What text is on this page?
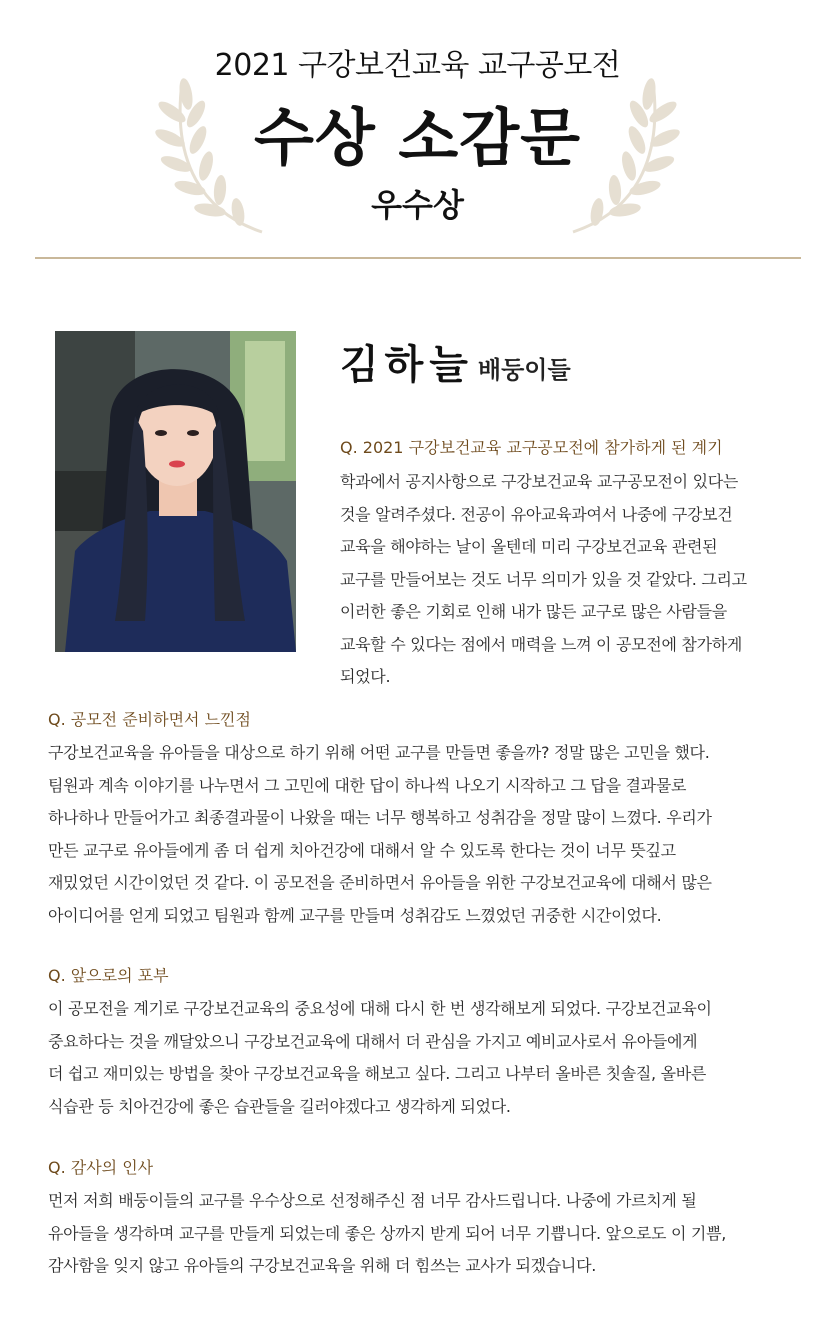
2021 구강보건교육 교구공모전
수상 소감문
우수상
김하늘 배둥이들
Q. 2021 구강보건교육 교구공모전에 참가하게 된 계기
학과에서 공지사항으로 구강보건교육 교구공모전이 있다는
것을 알려주셨다. 전공이 유아교육과여서 나중에 구강보건
교육을 해야하는 날이 올텐데 미리 구강보건교육 관련된
교구를 만들어보는 것도 너무 의미가 있을 것 같았다. 그리고
이러한 좋은 기회로 인해 내가 많든 교구로 많은 사람들을
교육할 수 있다는 점에서 매력을 느껴 이 공모전에 참가하게
되었다.
Q. 공모전 준비하면서 느낀점
구강보건교육을 유아들을 대상으로 하기 위해 어떤 교구를 만들면 좋을까? 정말 많은 고민을 했다.
팀원과 계속 이야기를 나누면서 그 고민에 대한 답이 하나씩 나오기 시작하고 그 답을 결과물로
하나하나 만들어가고 최종결과물이 나왔을 때는 너무 행복하고 성취감을 정말 많이 느꼈다. 우리가
만든 교구로 유아들에게 좀 더 쉽게 치아건강에 대해서 알 수 있도록 한다는 것이 너무 뜻깊고
재밌었던 시간이었던 것 같다. 이 공모전을 준비하면서 유아들을 위한 구강보건교육에 대해서 많은
아이디어를 얻게 되었고 팀원과 함께 교구를 만들며 성취감도 느꼈었던 귀중한 시간이었다.
Q. 앞으로의 포부
이 공모전을 계기로 구강보건교육의 중요성에 대해 다시 한 번 생각해보게 되었다. 구강보건교육이
중요하다는 것을 깨달았으니 구강보건교육에 대해서 더 관심을 가지고 예비교사로서 유아들에게
더 쉽고 재미있는 방법을 찾아 구강보건교육을 해보고 싶다. 그리고 나부터 올바른 칫솔질, 올바른
식습관 등 치아건강에 좋은 습관들을 길러야겠다고 생각하게 되었다.
Q. 감사의 인사
먼저 저희 배둥이들의 교구를 우수상으로 선정해주신 점 너무 감사드립니다. 나중에 가르치게 될
유아들을 생각하며 교구를 만들게 되었는데 좋은 상까지 받게 되어 너무 기쁩니다. 앞으로도 이 기쁨,
감사함을 잊지 않고 유아들의 구강보건교육을 위해 더 힘쓰는 교사가 되겠습니다.
